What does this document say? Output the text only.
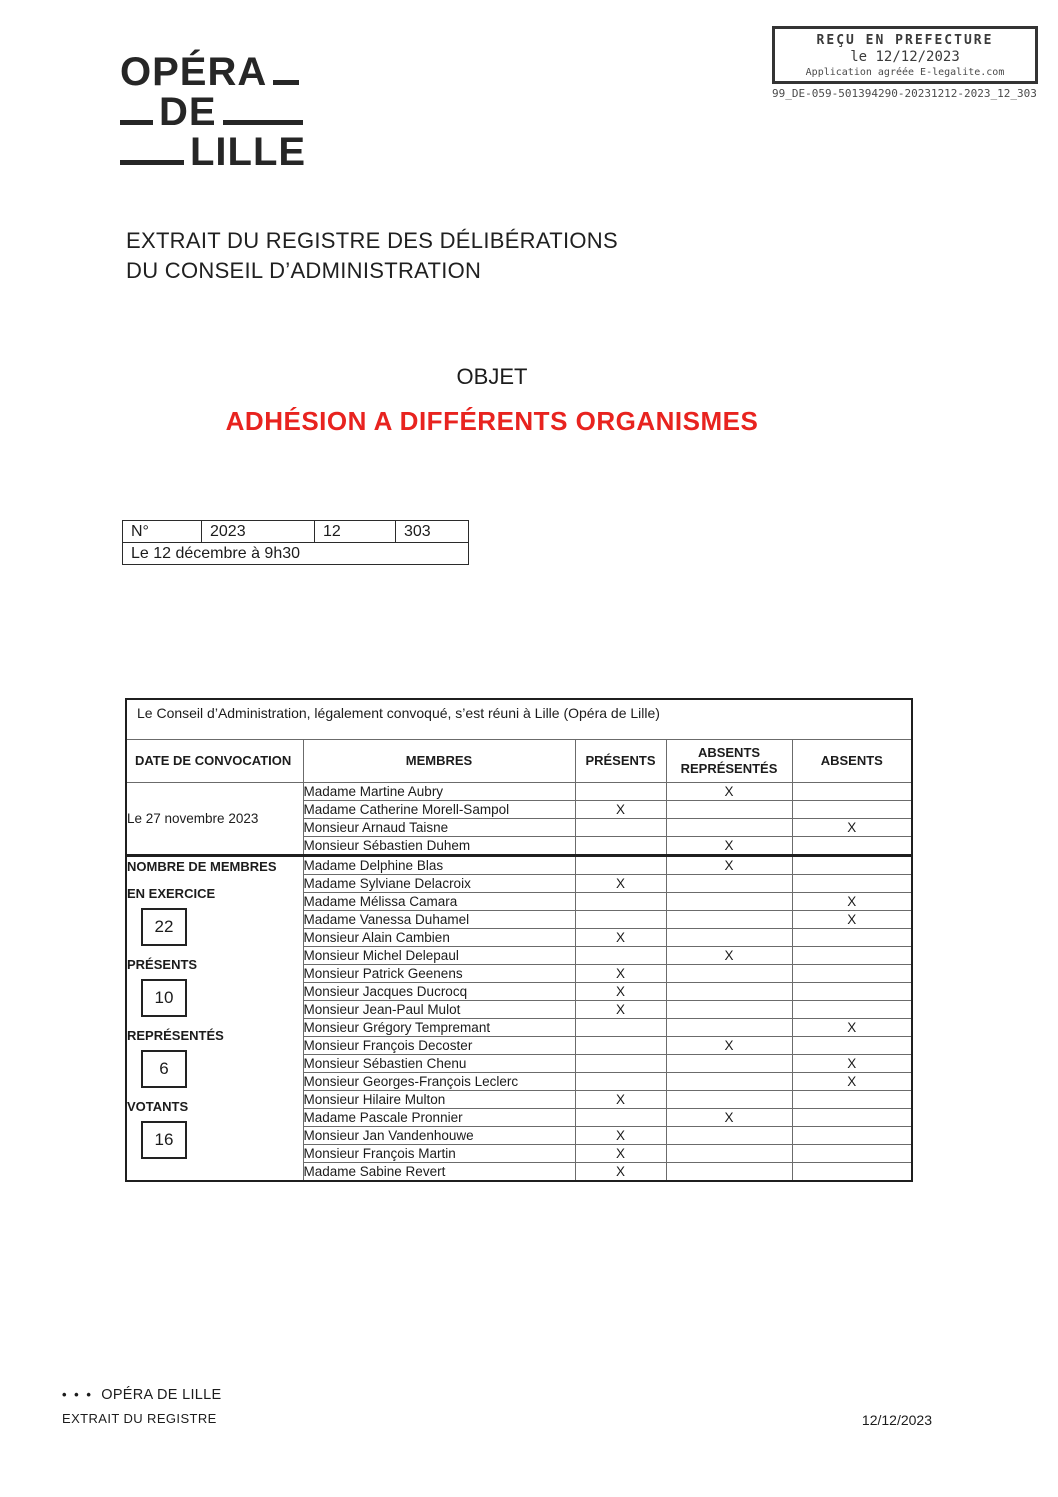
OPÉRA
DE
LILLE
REÇU EN PREFECTURE
le 12/12/2023
Application agréée E-legalite.com
99_DE-059-501394290-20231212-2023_12_303
EXTRAIT DU REGISTRE DES DÉLIBÉRATIONS
DU CONSEIL D’ADMINISTRATION
OBJET
ADHÉSION A DIFFÉRENTS ORGANISMES
N°	2023	12	303
Le 12 décembre à 9h30
Le Conseil d’Administration, légalement convoqué, s’est réuni à Lille (Opéra de Lille)				
DATE DE CONVOCATION	MEMBRES	PRÉSENTS	ABSENTS REPRÉSENTÉS	ABSENTS
Le 27 novembre 2023	Madame Martine Aubry		X	
	Madame Catherine Morell-Sampol	X		
	Monsieur Arnaud Taisne			X
	Monsieur Sébastien Duhem		X	

NOMBRE DE MEMBRES
EN EXERCICE
22
PRÉSENTS
10
REPRÉSENTÉS
6
VOTANTS
16
	Madame Delphine Blas		X	
	Madame Sylviane Delacroix	X		
	Madame Mélissa Camara			X
	Madame Vanessa Duhamel			X
	Monsieur Alain Cambien	X		
	Monsieur Michel Delepaul		X	
	Monsieur Patrick Geenens	X		
	Monsieur Jacques Ducrocq	X		
	Monsieur Jean-Paul Mulot	X		
	Monsieur Grégory Tempremant			X
	Monsieur François Decoster		X	
	Monsieur Sébastien Chenu			X
	Monsieur Georges-François Leclerc			X
	Monsieur Hilaire Multon	X		
	Madame Pascale Pronnier		X	
	Monsieur Jan Vandenhouwe	X		
	Monsieur François Martin	X		
	Madame Sabine Revert	X		
• • • OPÉRA DE LILLE
EXTRAIT DU REGISTRE	12/12/2023
